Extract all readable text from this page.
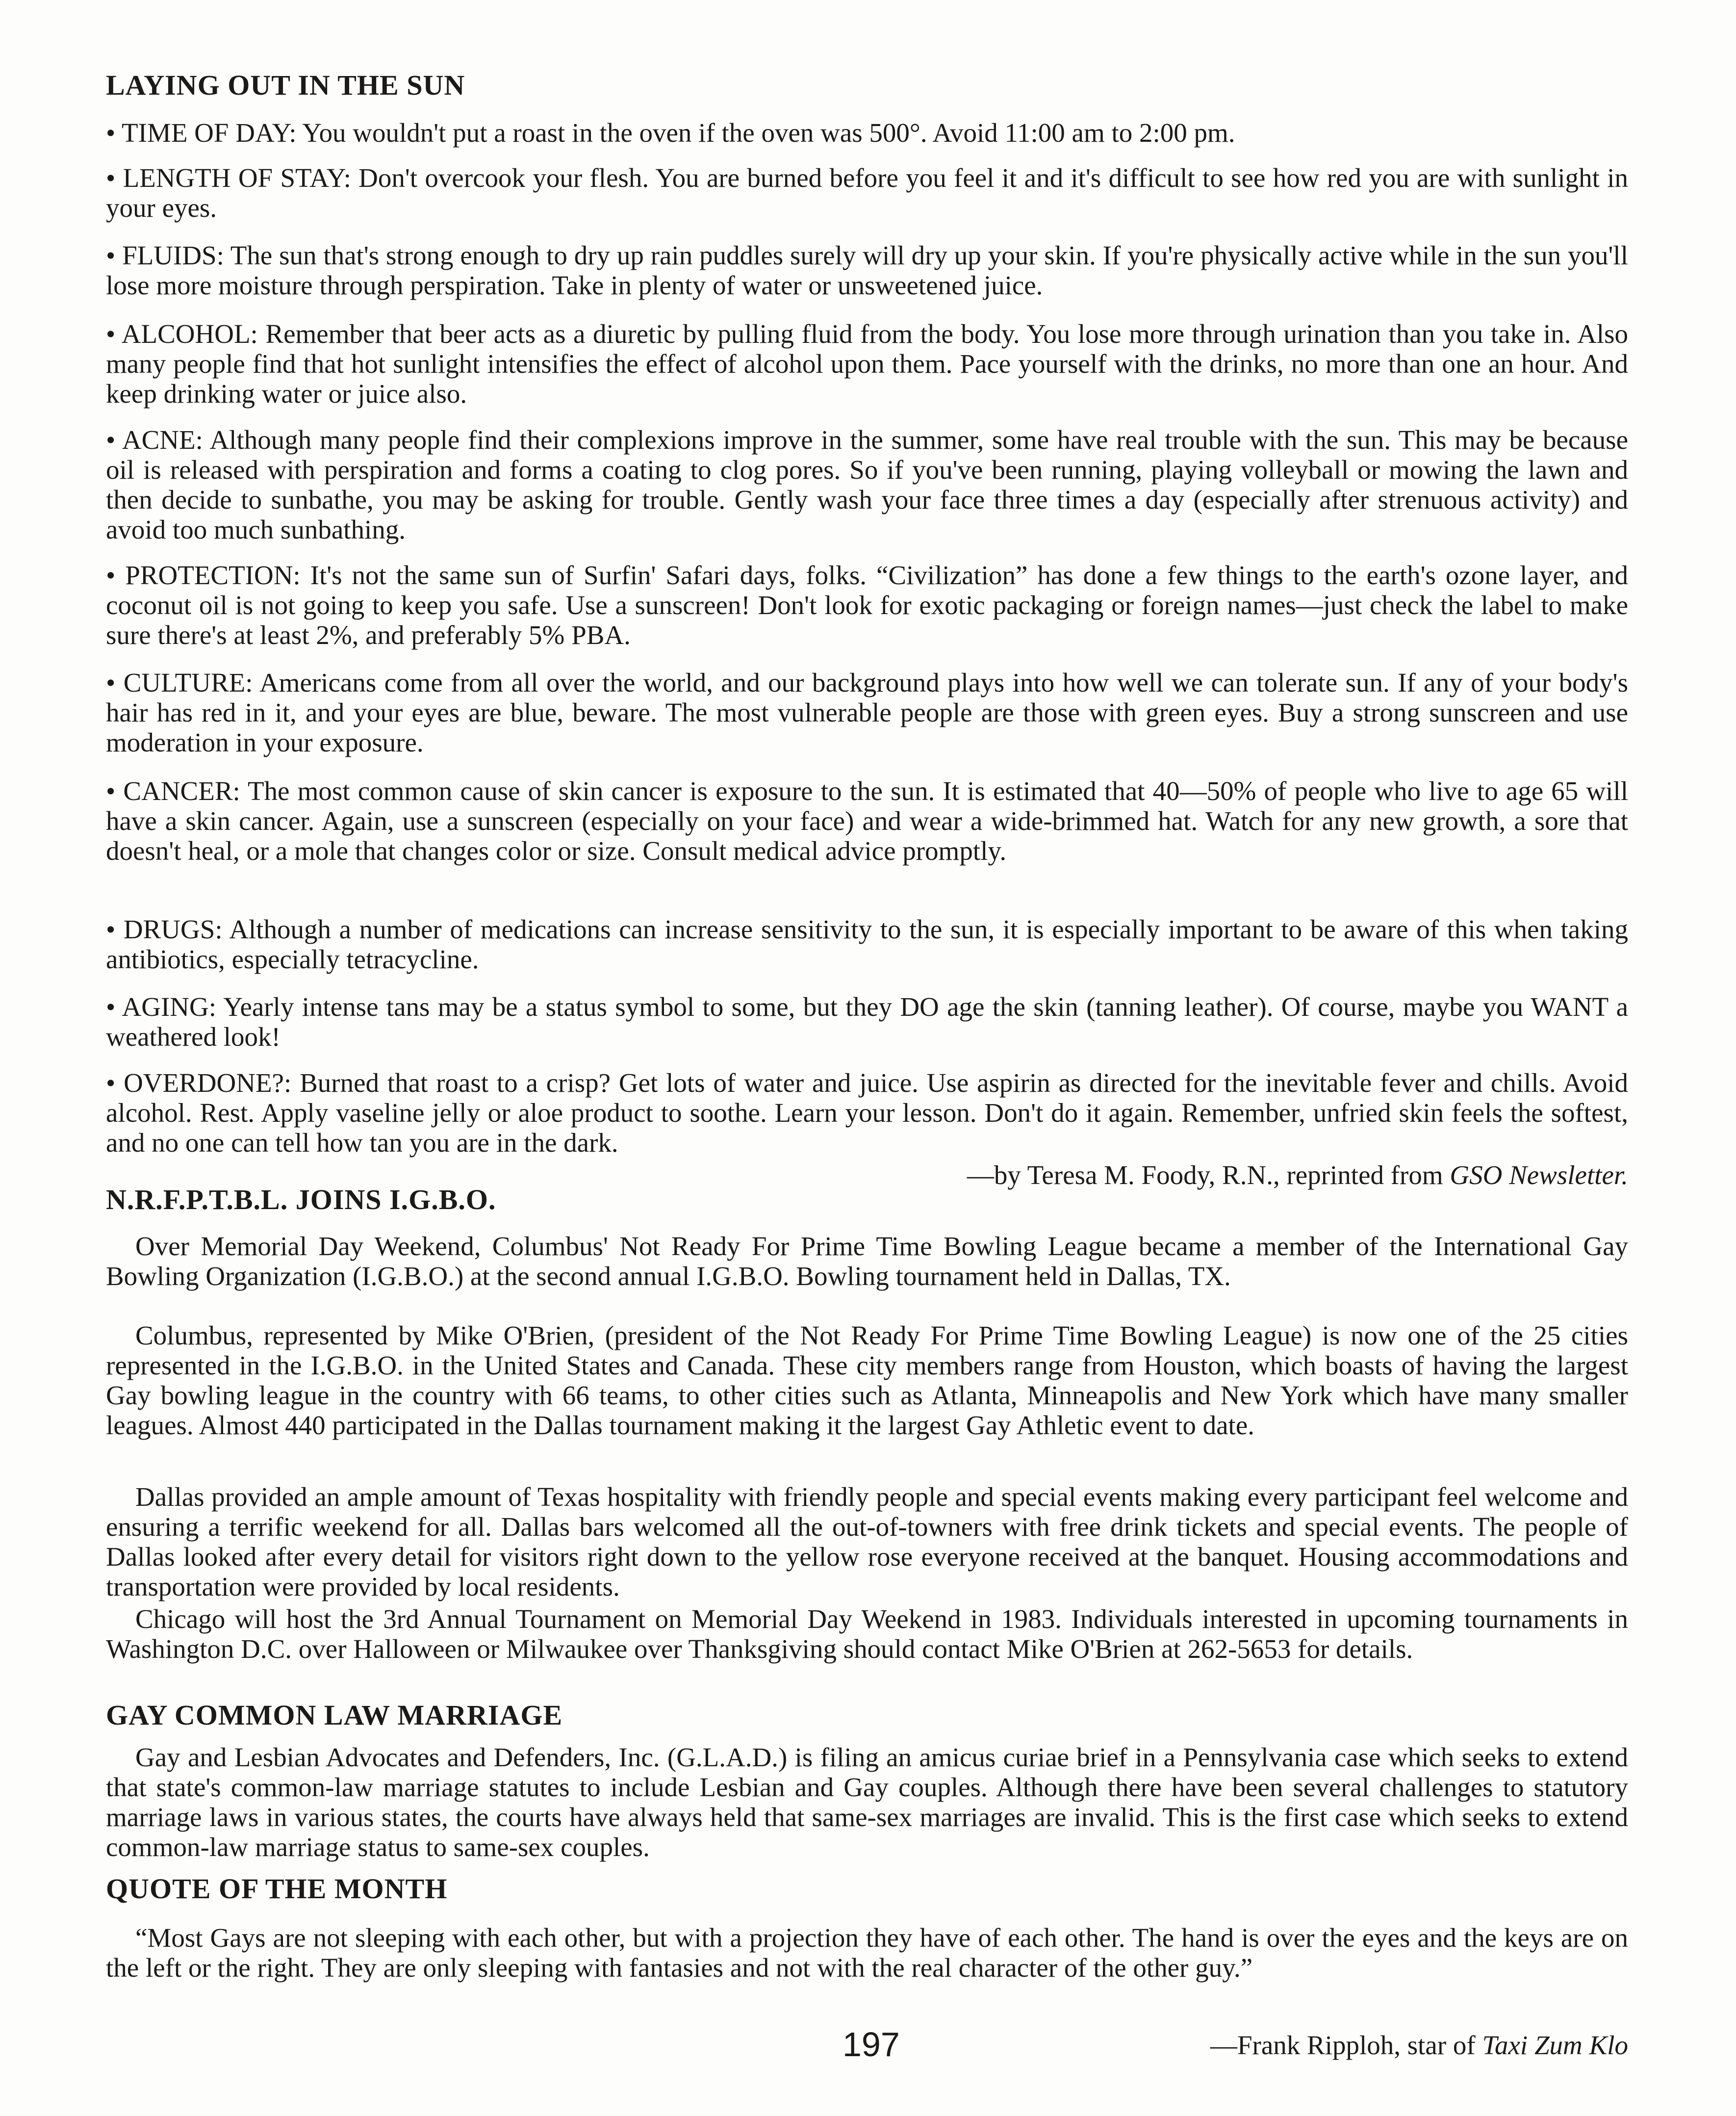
LAYING OUT IN THE SUN
• TIME OF DAY: You wouldn't put a roast in the oven if the oven was 500°. Avoid 11:00 am to 2:00 pm.
• LENGTH OF STAY: Don't overcook your flesh. You are burned before you feel it and it's difficult to see how red you are with sunlight in your eyes.
• FLUIDS: The sun that's strong enough to dry up rain puddles surely will dry up your skin. If you're physically active while in the sun you'll lose more moisture through perspiration. Take in plenty of water or unsweetened juice.
• ALCOHOL: Remember that beer acts as a diuretic by pulling fluid from the body. You lose more through urination than you take in. Also many people find that hot sunlight intensifies the effect of alcohol upon them. Pace yourself with the drinks, no more than one an hour. And keep drinking water or juice also.
• ACNE: Although many people find their complexions improve in the summer, some have real trouble with the sun. This may be because oil is released with perspiration and forms a coating to clog pores. So if you've been running, playing volleyball or mowing the lawn and then decide to sunbathe, you may be asking for trouble. Gently wash your face three times a day (especially after strenuous activity) and avoid too much sunbathing.
• PROTECTION: It's not the same sun of Surfin' Safari days, folks. “Civilization” has done a few things to the earth's ozone layer, and coconut oil is not going to keep you safe. Use a sunscreen! Don't look for exotic packaging or foreign names—just check the label to make sure there's at least 2%, and preferably 5% PBA.
• CULTURE: Americans come from all over the world, and our background plays into how well we can tolerate sun. If any of your body's hair has red in it, and your eyes are blue, beware. The most vulnerable people are those with green eyes. Buy a strong sunscreen and use moderation in your exposure.
• CANCER: The most common cause of skin cancer is exposure to the sun. It is estimated that 40—50% of people who live to age 65 will have a skin cancer. Again, use a sunscreen (especially on your face) and wear a wide-brimmed hat. Watch for any new growth, a sore that doesn't heal, or a mole that changes color or size. Consult medical advice promptly.
• DRUGS: Although a number of medications can increase sensitivity to the sun, it is especially important to be aware of this when taking antibiotics, especially tetracycline.
• AGING: Yearly intense tans may be a status symbol to some, but they DO age the skin (tanning leather). Of course, maybe you WANT a weathered look!
• OVERDONE?: Burned that roast to a crisp? Get lots of water and juice. Use aspirin as directed for the inevitable fever and chills. Avoid alcohol. Rest. Apply vaseline jelly or aloe product to soothe. Learn your lesson. Don't do it again. Remember, unfried skin feels the softest, and no one can tell how tan you are in the dark.
—by Teresa M. Foody, R.N., reprinted from GSO Newsletter.
N.R.F.P.T.B.L. JOINS I.G.B.O.
Over Memorial Day Weekend, Columbus' Not Ready For Prime Time Bowling League became a member of the International Gay Bowling Organization (I.G.B.O.) at the second annual I.G.B.O. Bowling tournament held in Dallas, TX.
Columbus, represented by Mike O'Brien, (president of the Not Ready For Prime Time Bowling League) is now one of the 25 cities represented in the I.G.B.O. in the United States and Canada. These city members range from Houston, which boasts of having the largest Gay bowling league in the country with 66 teams, to other cities such as Atlanta, Minneapolis and New York which have many smaller leagues. Almost 440 participated in the Dallas tournament making it the largest Gay Athletic event to date.
Dallas provided an ample amount of Texas hospitality with friendly people and special events making every participant feel welcome and ensuring a terrific weekend for all. Dallas bars welcomed all the out-of-towners with free drink tickets and special events. The people of Dallas looked after every detail for visitors right down to the yellow rose everyone received at the banquet. Housing accommodations and transportation were provided by local residents.
Chicago will host the 3rd Annual Tournament on Memorial Day Weekend in 1983. Individuals interested in upcoming tournaments in Washington D.C. over Halloween or Milwaukee over Thanksgiving should contact Mike O'Brien at 262-5653 for details.
GAY COMMON LAW MARRIAGE
Gay and Lesbian Advocates and Defenders, Inc. (G.L.A.D.) is filing an amicus curiae brief in a Pennsylvania case which seeks to extend that state's common-law marriage statutes to include Lesbian and Gay couples. Although there have been several challenges to statutory marriage laws in various states, the courts have always held that same-sex marriages are invalid. This is the first case which seeks to extend common-law marriage status to same-sex couples.
QUOTE OF THE MONTH
“Most Gays are not sleeping with each other, but with a projection they have of each other. The hand is over the eyes and the keys are on the left or the right. They are only sleeping with fantasies and not with the real character of the other guy.”
197	—Frank Ripploh, star of Taxi Zum Klo
